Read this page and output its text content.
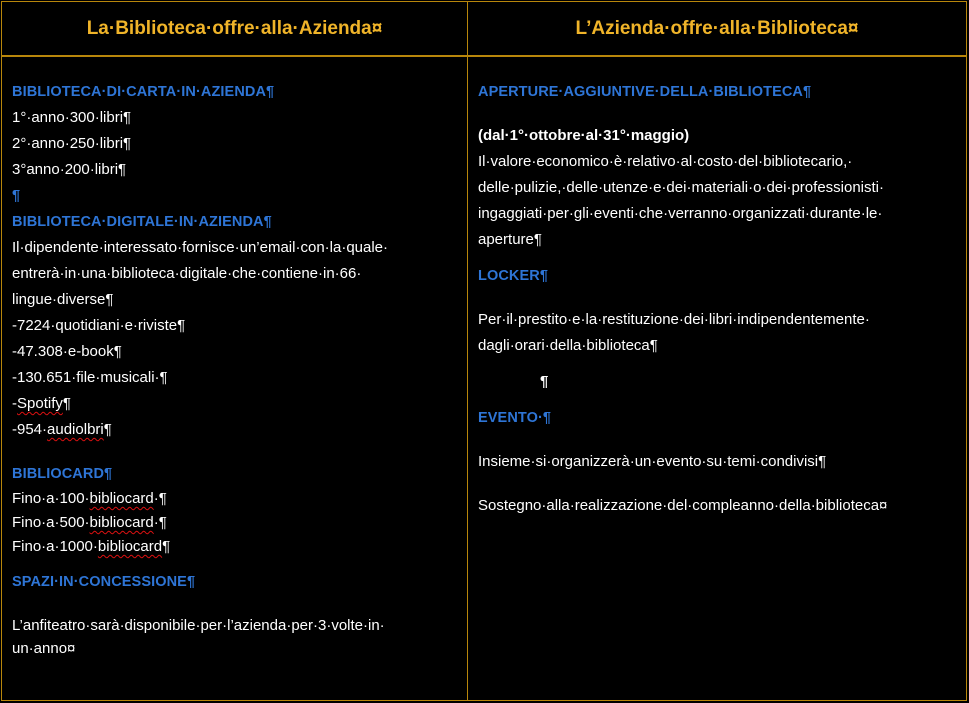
La·Biblioteca·offre·alla·Azienda¤	L’Azienda·offre·alla·Biblioteca¤
BIBLIOTECA·DI·CARTA·IN·AZIENDA¶
1°·anno·300·libri¶
2°·anno·250·libri¶
3°anno·200·libri¶
¶
BIBLIOTECA·DIGITALE·IN·AZIENDA¶
Il·dipendente·interessato·fornisce·un’email·con·la·quale·
entrerà·in·una·biblioteca·digitale·che·contiene·in·66·
lingue·diverse¶
-7224·quotidiani·e·riviste¶
-47.308·e-book¶
-130.651·file·musicali·¶
-Spotify¶
-954·audiolbri¶
BIBLIOCARD¶
Fino·a·100·bibliocard·¶
Fino·a·500·bibliocard·¶
Fino·a·1000·bibliocard¶
SPAZI·IN·CONCESSIONE¶
L’anfiteatro·sarà·disponibile·per·l’azienda·per·3·volte·in·
un·anno¤
APERTURE·AGGIUNTIVE·DELLA·BIBLIOTECA¶
(dal·1°·ottobre·al·31°·maggio)
Il·valore·economico·è·relativo·al·costo·del·bibliotecario,·
delle·pulizie,·delle·utenze·e·dei·materiali·o·dei·professionisti·
ingaggiati·per·gli·eventi·che·verranno·organizzati·durante·le·
aperture¶
LOCKER¶
Per·il·prestito·e·la·restituzione·dei·libri·indipendentemente·
dagli·orari·della·biblioteca¶
¶
EVENTO·¶
Insieme·si·organizzerà·un·evento·su·temi·condivisi¶
Sostegno·alla·realizzazione·del·compleanno·della·biblioteca¤
